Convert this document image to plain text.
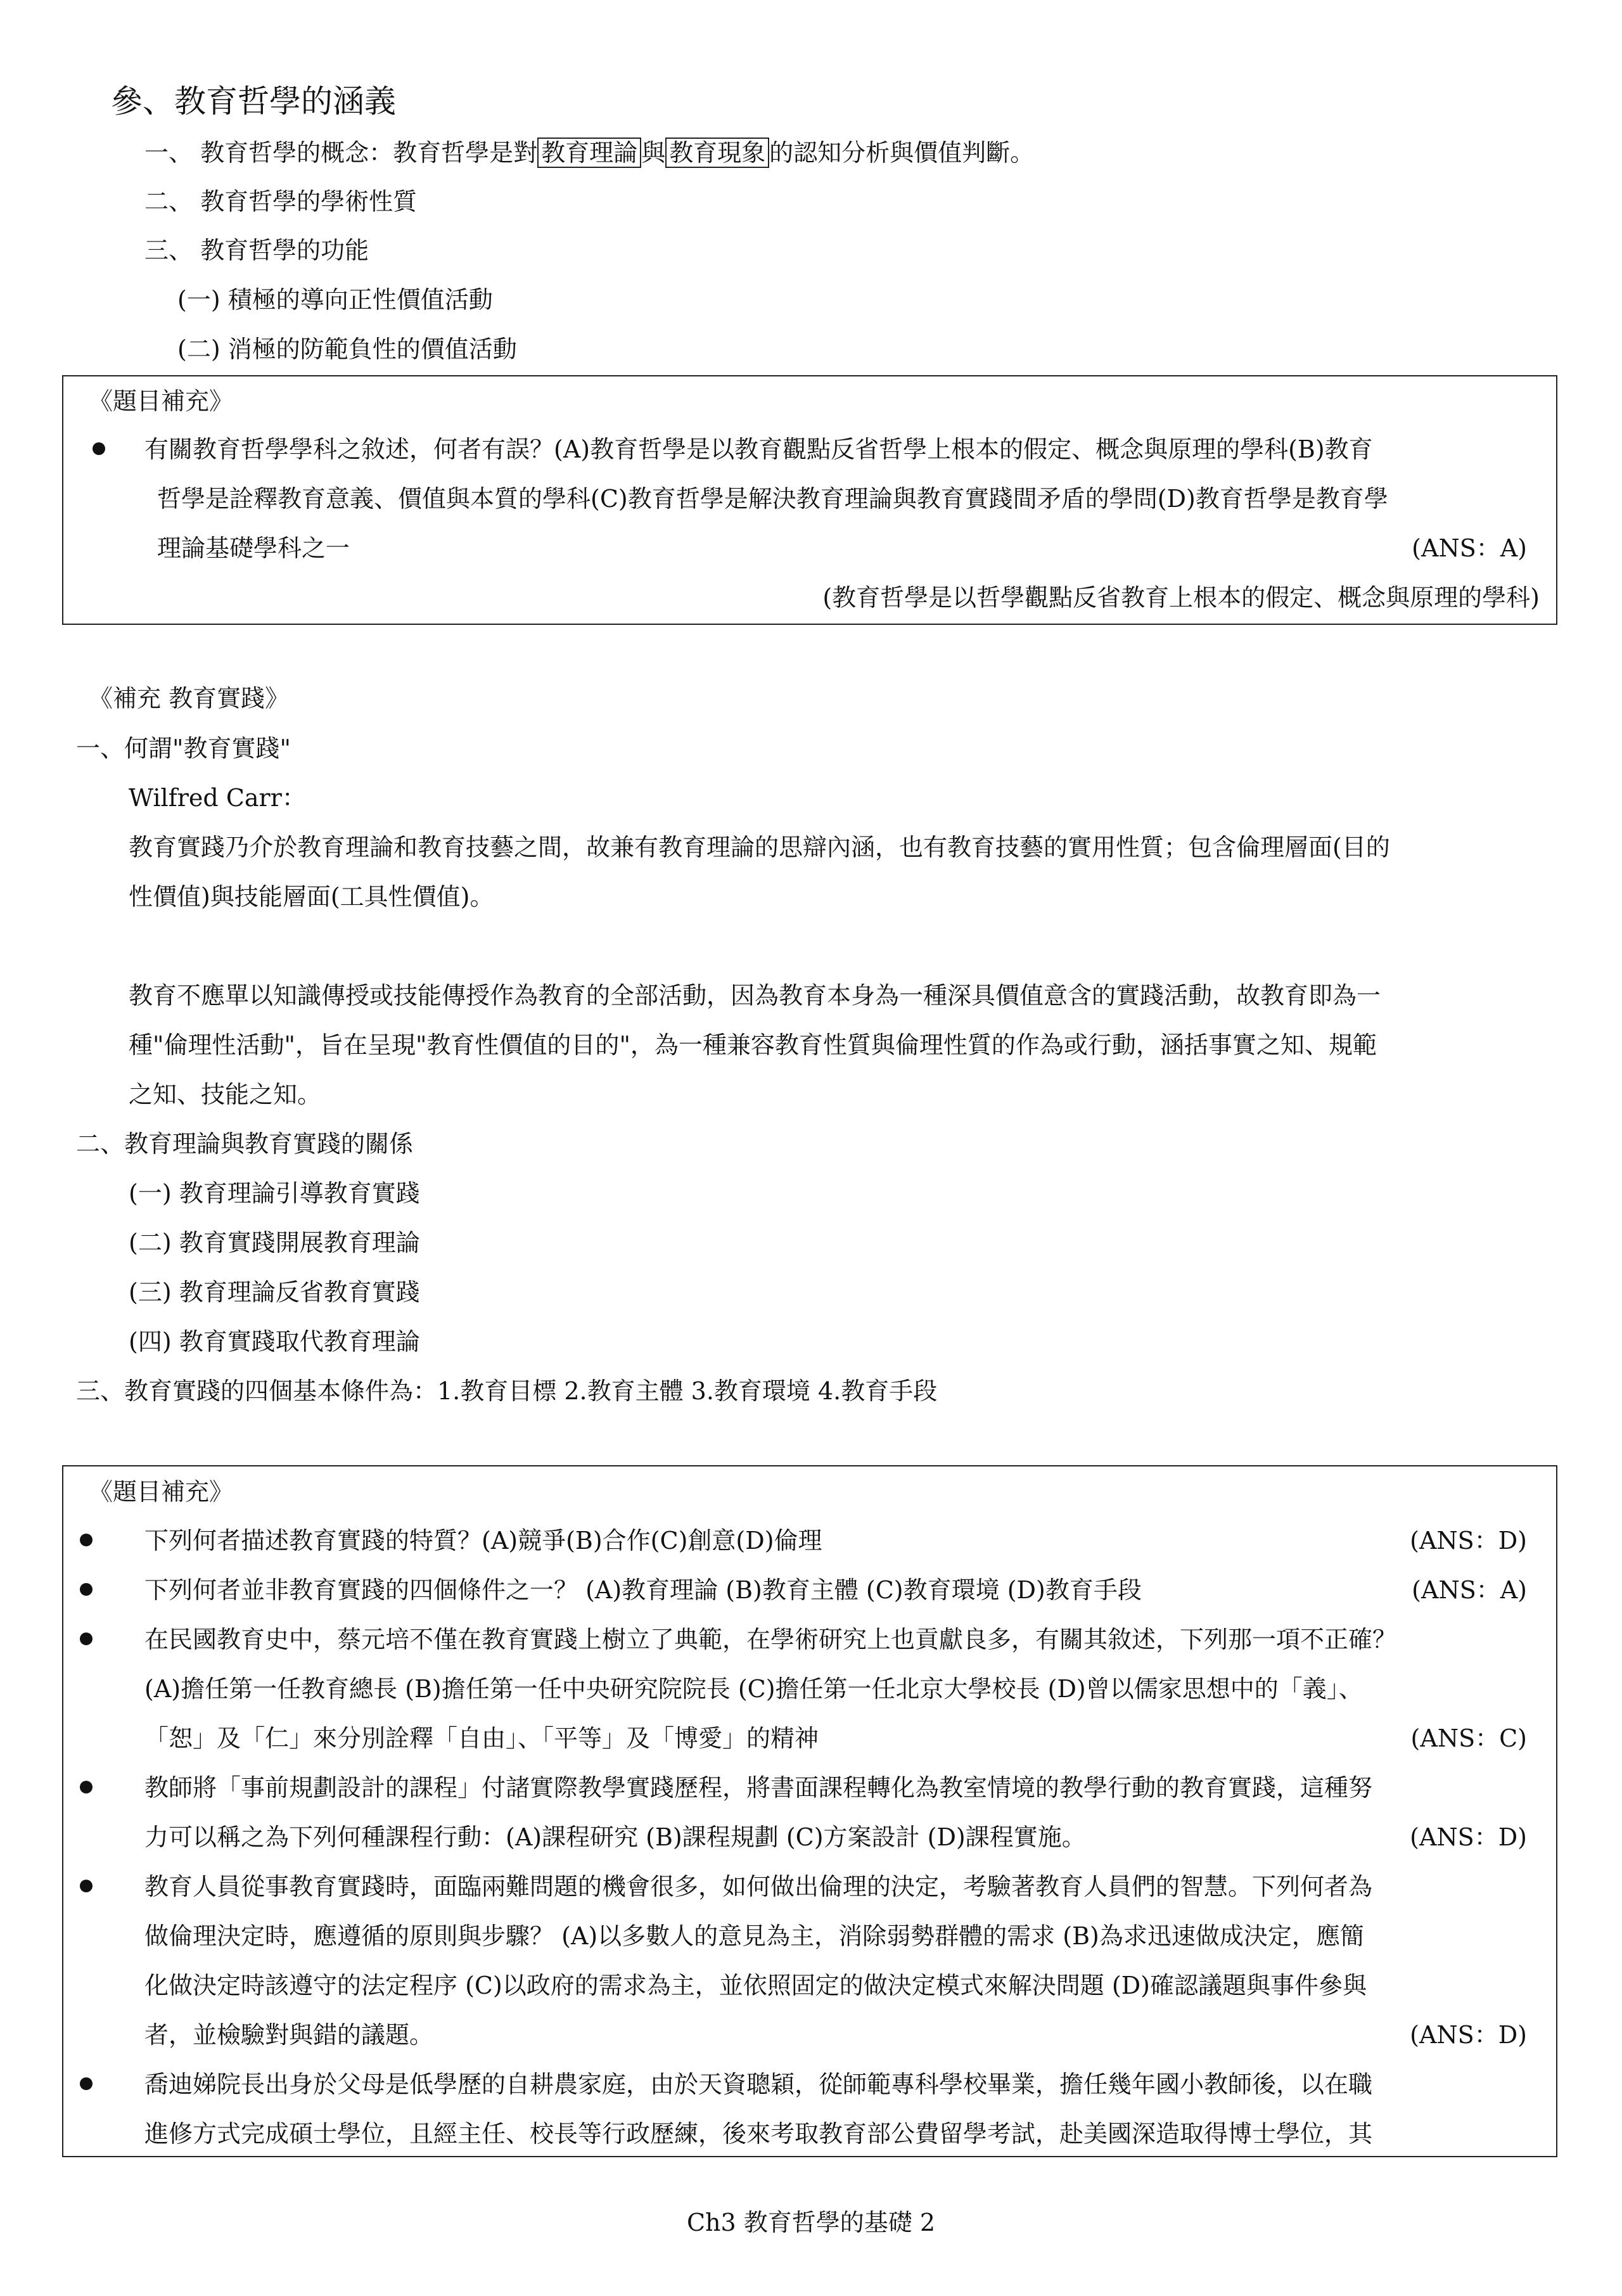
參、教育哲學的涵義
一、 教育哲學的概念：教育哲學是對 教育理論 與 教育現象 的認知分析與價值判斷。
二、 教育哲學的學術性質
三、 教育哲學的功能
(一) 積極的導向正性價值活動
(二) 消極的防範負性的價值活動
《題目補充》
有關教育哲學學科之敘述，何者有誤？(A)教育哲學是以教育觀點反省哲學上根本的假定、概念與原理的學科(B)教育
哲學是詮釋教育意義、價值與本質的學科(C)教育哲學是解決教育理論與教育實踐間矛盾的學問(D)教育哲學是教育學
理論基礎學科之一	(ANS：A)
(教育哲學是以哲學觀點反省教育上根本的假定、概念與原理的學科)
《補充 教育實踐》
一、何謂"教育實踐"
Wilfred Carr：
教育實踐乃介於教育理論和教育技藝之間，故兼有教育理論的思辯內涵，也有教育技藝的實用性質；包含倫理層面(目的
性價值)與技能層面(工具性價值)。
教育不應單以知識傳授或技能傳授作為教育的全部活動，因為教育本身為一種深具價值意含的實踐活動，故教育即為一
種"倫理性活動"，旨在呈現"教育性價值的目的"，為一種兼容教育性質與倫理性質的作為或行動，涵括事實之知、規範
之知、技能之知。
二、教育理論與教育實踐的關係
(一) 教育理論引導教育實踐
(二) 教育實踐開展教育理論
(三) 教育理論反省教育實踐
(四) 教育實踐取代教育理論
三、教育實踐的四個基本條件為：1.教育目標 2.教育主體 3.教育環境 4.教育手段
《題目補充》
下列何者描述教育實踐的特質？(A)競爭(B)合作(C)創意(D)倫理	(ANS：D)
下列何者並非教育實踐的四個條件之一？ (A)教育理論 (B)教育主體 (C)教育環境 (D)教育手段	(ANS：A)
在民國教育史中，蔡元培不僅在教育實踐上樹立了典範，在學術研究上也貢獻良多，有關其敘述，下列那一項不正確？
(A)擔任第一任教育總長 (B)擔任第一任中央研究院院長 (C)擔任第一任北京大學校長 (D)曾以儒家思想中的「義」、
「恕」及「仁」來分別詮釋「自由」、「平等」及「博愛」的精神	(ANS：C)
教師將「事前規劃設計的課程」付諸實際教學實踐歷程，將書面課程轉化為教室情境的教學行動的教育實踐，這種努
力可以稱之為下列何種課程行動：(A)課程研究 (B)課程規劃 (C)方案設計 (D)課程實施。	(ANS：D)
教育人員從事教育實踐時，面臨兩難問題的機會很多，如何做出倫理的決定，考驗著教育人員們的智慧。下列何者為
做倫理決定時，應遵循的原則與步驟？ (A)以多數人的意見為主，消除弱勢群體的需求 (B)為求迅速做成決定，應簡
化做決定時該遵守的法定程序 (C)以政府的需求為主，並依照固定的做決定模式來解決問題 (D)確認議題與事件參與
者，並檢驗對與錯的議題。	(ANS：D)
喬迪娣院長出身於父母是低學歷的自耕農家庭，由於天資聰穎，從師範專科學校畢業，擔任幾年國小教師後，以在職
進修方式完成碩士學位，且經主任、校長等行政歷練，後來考取教育部公費留學考試，赴美國深造取得博士學位，其
Ch3 教育哲學的基礎 2
